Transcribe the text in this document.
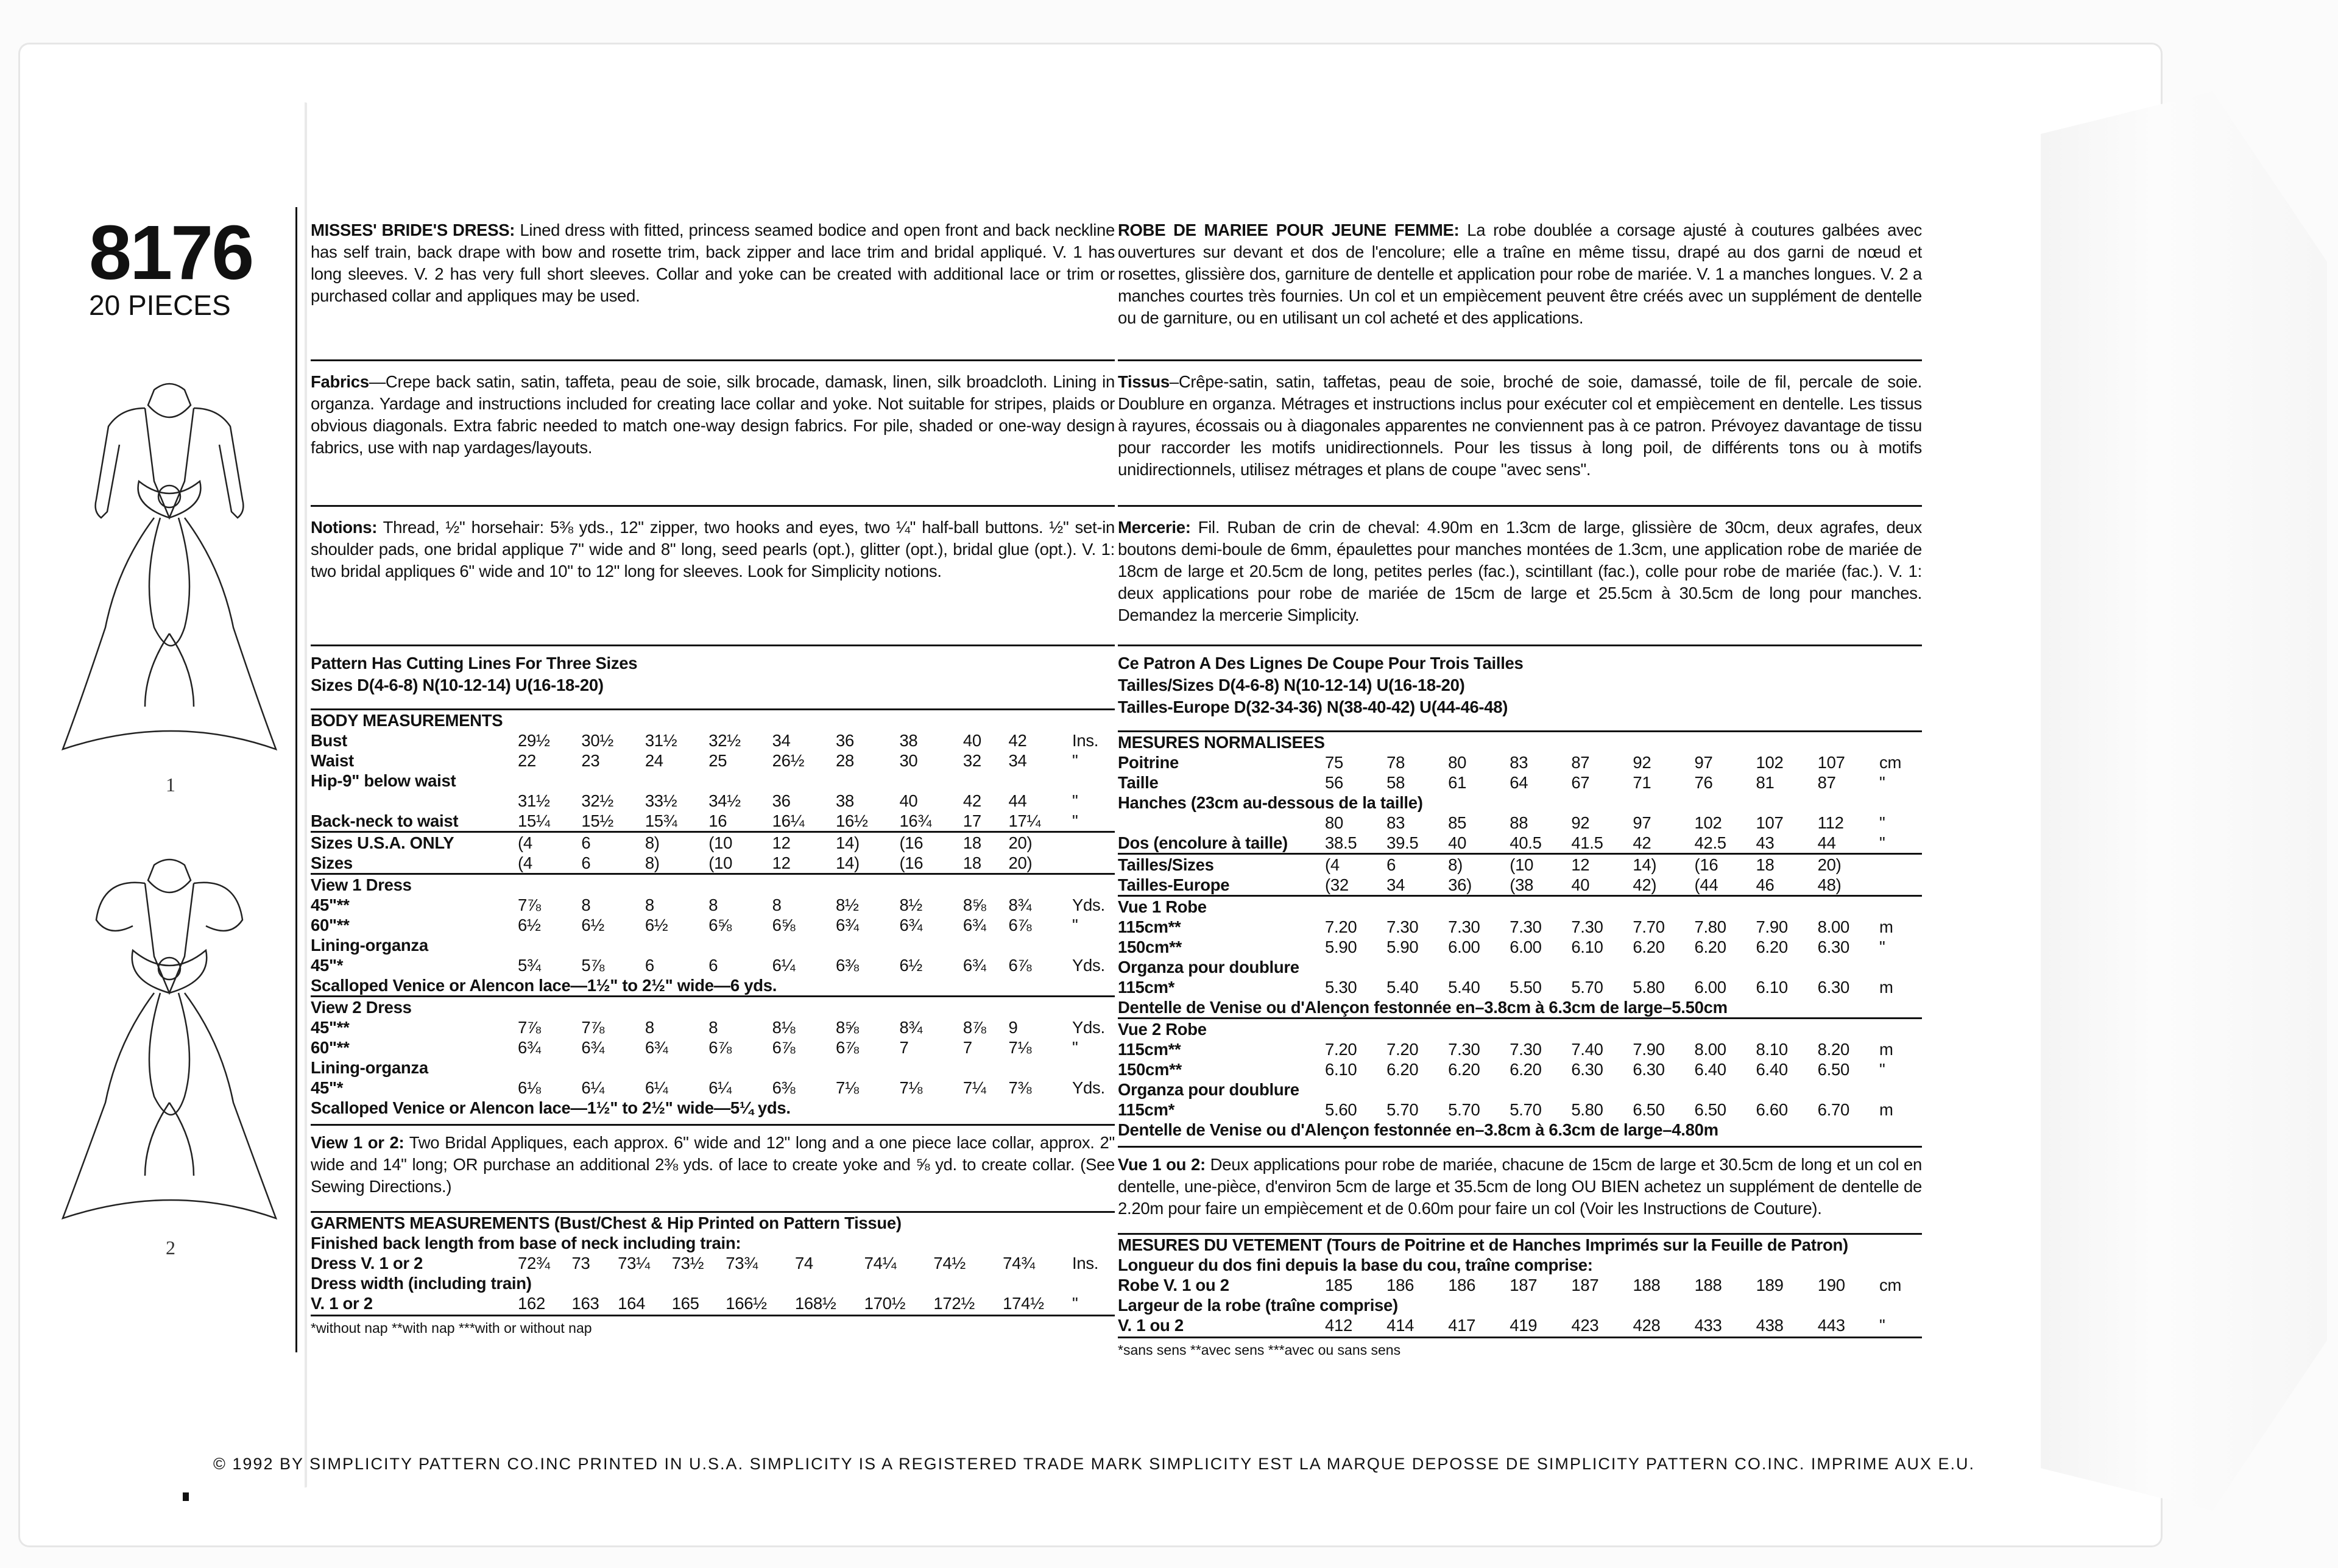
8176
20 PIECES
1
2

MISSES' BRIDE'S DRESS: Lined dress with fitted, princess seamed bodice and open front and back neckline has self train, back drape with bow and rosette trim, back zipper and lace trim and bridal appliqué. V. 1 has long sleeves. V. 2 has very full short sleeves. Collar and yoke can be created with additional lace or trim or purchased collar and appliques may be used.

Fabrics—Crepe back satin, satin, taffeta, peau de soie, silk brocade, damask, linen, silk broadcloth. Lining in organza. Yardage and instructions included for creating lace collar and yoke. Not suitable for stripes, plaids or obvious diagonals. Extra fabric needed to match one-way design fabrics. For pile, shaded or one-way design fabrics, use with nap yardages/layouts.

Notions: Thread, ½" horsehair: 5⅜ yds., 12" zipper, two hooks and eyes, two ¼" half-ball buttons. ½" set-in shoulder pads, one bridal applique 7" wide and 8" long, seed pearls (opt.), glitter (opt.), bridal glue (opt.). V. 1: two bridal appliques 6" wide and 10" to 12" long for sleeves. Look for Simplicity notions.

Pattern Has Cutting Lines For Three Sizes

Sizes D(4-6-8) N(10-12-14) U(16-18-20)

BODY MEASUREMENTS										
Bust	29½	30½	31½	32½	34	36	38	40	42	Ins.
Waist	22	23	24	25	26½	28	30	32	34	"
Hip-9" below waist										
	31½	32½	33½	34½	36	38	40	42	44	"
Back-neck to waist	15¼	15½	15¾	16	16¼	16½	16¾	17	17¼	"
Sizes U.S.A. ONLY	(4	6	8)	(10	12	14)	(16	18	20)	
Sizes	(4	6	8)	(10	12	14)	(16	18	20)	
View 1 Dress										
45"**	7⅞	8	8	8	8	8½	8½	8⅝	8¾	Yds.
60"**	6½	6½	6½	6⅝	6⅝	6¾	6¾	6¾	6⅞	"
Lining-organza										
45"*	5¾	5⅞	6	6	6¼	6⅜	6½	6¾	6⅞	Yds.
Scalloped Venice or Alencon lace—1½" to 2½" wide—6 yds.										
View 2 Dress										
45"**	7⅞	7⅞	8	8	8⅛	8⅝	8¾	8⅞	9	Yds.
60"**	6¾	6¾	6¾	6⅞	6⅞	6⅞	7	7	7⅛	"
Lining-organza										
45"*	6⅛	6¼	6¼	6¼	6⅜	7⅛	7⅛	7¼	7⅜	Yds.
Scalloped Venice or Alencon lace—1½" to 2½" wide—5¼ yds.										

View 1 or 2: Two Bridal Appliques, each approx. 6" wide and 12" long and a one piece lace collar, approx. 2" wide and 14" long; OR purchase an additional 2⅜ yds. of lace to create yoke and ⅝ yd. to create collar. (See Sewing Directions.)

GARMENTS MEASUREMENTS (Bust/Chest & Hip Printed on Pattern Tissue)										
Finished back length from base of neck including train:										
Dress V. 1 or 2	72¾	73	73¼	73½	73¾	74	74¼	74½	74¾	Ins.
Dress width (including train)										
V. 1 or 2	162	163	164	165	166½	168½	170½	172½	174½	"
*without nap **with nap ***with or without nap

ROBE DE MARIEE POUR JEUNE FEMME: La robe doublée a corsage ajusté à coutures galbées avec ouvertures sur devant et dos de l'encolure; elle a traîne en même tissu, drapé au dos garni de nœud et rosettes, glissière dos, garniture de dentelle et application pour robe de mariée. V. 1 a manches longues. V. 2 a manches courtes très fournies. Un col et un empiècement peuvent être créés avec un supplément de dentelle ou de garniture, ou en utilisant un col acheté et des applications.

Tissus–Crêpe-satin, satin, taffetas, peau de soie, broché de soie, damassé, toile de fil, percale de soie. Doublure en organza. Métrages et instructions inclus pour exécuter col et empiècement en dentelle. Les tissus à rayures, écossais ou à diagonales apparentes ne conviennent pas à ce patron. Prévoyez davantage de tissu pour raccorder les motifs unidirectionnels. Pour les tissus à long poil, de différents tons ou à motifs unidirectionnels, utilisez métrages et plans de coupe "avec sens".

Mercerie: Fil. Ruban de crin de cheval: 4.90m en 1.3cm de large, glissière de 30cm, deux agrafes, deux boutons demi-boule de 6mm, épaulettes pour manches montées de 1.3cm, une application robe de mariée de 18cm de large et 20.5cm de long, petites perles (fac.), scintillant (fac.), colle pour robe de mariée (fac.). V. 1: deux applications pour robe de mariée de 15cm de large et 25.5cm à 30.5cm de long pour manches. Demandez la mercerie Simplicity.

Ce Patron A Des Lignes De Coupe Pour Trois Tailles

Tailles/Sizes D(4-6-8) N(10-12-14) U(16-18-20)

Tailles-Europe D(32-34-36) N(38-40-42) U(44-46-48)

MESURES NORMALISEES										
Poitrine	75	78	80	83	87	92	97	102	107	cm
Taille	56	58	61	64	67	71	76	81	87	"
Hanches (23cm au-dessous de la taille)										
	80	83	85	88	92	97	102	107	112	"
Dos (encolure à taille)	38.5	39.5	40	40.5	41.5	42	42.5	43	44	"
Tailles/Sizes	(4	6	8)	(10	12	14)	(16	18	20)	
Tailles-Europe	(32	34	36)	(38	40	42)	(44	46	48)	
Vue 1 Robe										
115cm**	7.20	7.30	7.30	7.30	7.30	7.70	7.80	7.90	8.00	m
150cm**	5.90	5.90	6.00	6.00	6.10	6.20	6.20	6.20	6.30	"
Organza pour doublure										
115cm*	5.30	5.40	5.40	5.50	5.70	5.80	6.00	6.10	6.30	m
Dentelle de Venise ou d'Alençon festonnée en–3.8cm à 6.3cm de large–5.50cm										
Vue 2 Robe										
115cm**	7.20	7.20	7.30	7.30	7.40	7.90	8.00	8.10	8.20	m
150cm**	6.10	6.20	6.20	6.20	6.30	6.30	6.40	6.40	6.50	"
Organza pour doublure										
115cm*	5.60	5.70	5.70	5.70	5.80	6.50	6.50	6.60	6.70	m
Dentelle de Venise ou d'Alençon festonnée en–3.8cm à 6.3cm de large–4.80m										

Vue 1 ou 2: Deux applications pour robe de mariée, chacune de 15cm de large et 30.5cm de long et un col en dentelle, une-pièce, d'environ 5cm de large et 35.5cm de long OU BIEN achetez un supplément de dentelle de 2.20m pour faire un empiècement et de 0.60m pour faire un col (Voir les Instructions de Couture).

MESURES DU VETEMENT (Tours de Poitrine et de Hanches Imprimés sur la Feuille de Patron)										
Longueur du dos fini depuis la base du cou, traîne comprise:										
Robe V. 1 ou 2	185	186	186	187	187	188	188	189	190	cm
Largeur de la robe (traîne comprise)										
V. 1 ou 2	412	414	417	419	423	428	433	438	443	"
*sans sens **avec sens ***avec ou sans sens
© 1992 BY SIMPLICITY PATTERN CO.INC PRINTED IN U.S.A. SIMPLICITY IS A REGISTERED TRADE MARK SIMPLICITY EST LA MARQUE DEPOSSE DE SIMPLICITY PATTERN CO.INC. IMPRIME AUX E.U.
